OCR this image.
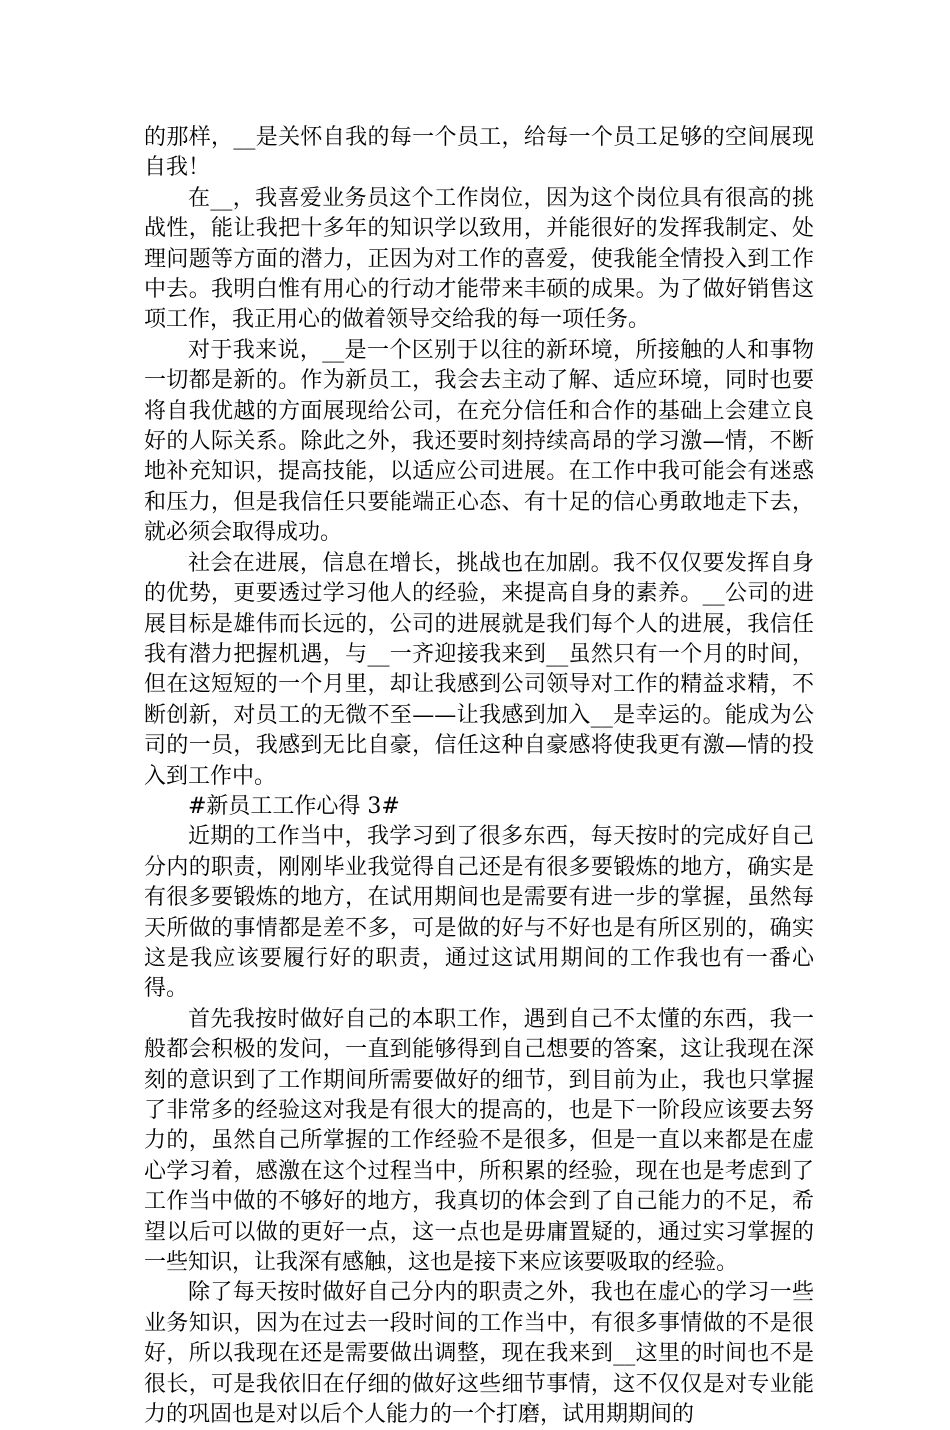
的那样，__是关怀自我的每一个员工，给每一个员工足够的空间展现自我！

在__，我喜爱业务员这个工作岗位，因为这个岗位具有很高的挑战性，能让我把十多年的知识学以致用，并能很好的发挥我制定、处理问题等方面的潜力，正因为对工作的喜爱，使我能全情投入到工作中去。我明白惟有用心的行动才能带来丰硕的成果。为了做好销售这项工作，我正用心的做着领导交给我的每一项任务。

对于我来说，__是一个区别于以往的新环境，所接触的人和事物一切都是新的。作为新员工，我会去主动了解、适应环境，同时也要将自我优越的方面展现给公司，在充分信任和合作的基础上会建立良好的人际关系。除此之外，我还要时刻持续高昂的学习激—情，不断地补充知识，提高技能，以适应公司进展。在工作中我可能会有迷惑和压力，但是我信任只要能端正心态、有十足的信心勇敢地走下去，就必须会取得成功。

社会在进展，信息在增长，挑战也在加剧。我不仅仅要发挥自身的优势，更要透过学习他人的经验，来提高自身的素养。__公司的进展目标是雄伟而长远的，公司的进展就是我们每个人的进展，我信任我有潜力把握机遇，与__一齐迎接我来到__虽然只有一个月的时间，但在这短短的一个月里，却让我感到公司领导对工作的精益求精，不断创新，对员工的无微不至——让我感到加入__是幸运的。能成为公司的一员，我感到无比自豪，信任这种自豪感将使我更有激—情的投入到工作中。

#新员工工作心得 3#

近期的工作当中，我学习到了很多东西，每天按时的完成好自己分内的职责，刚刚毕业我觉得自己还是有很多要锻炼的地方，确实是有很多要锻炼的地方，在试用期间也是需要有进一步的掌握，虽然每天所做的事情都是差不多，可是做的好与不好也是有所区别的，确实这是我应该要履行好的职责，通过这试用期间的工作我也有一番心得。

首先我按时做好自己的本职工作，遇到自己不太懂的东西，我一般都会积极的发问，一直到能够得到自己想要的答案，这让我现在深刻的意识到了工作期间所需要做好的细节，到目前为止，我也只掌握了非常多的经验这对我是有很大的提高的，也是下一阶段应该要去努力的，虽然自己所掌握的工作经验不是很多，但是一直以来都是在虚心学习着，感激在这个过程当中，所积累的经验，现在也是考虑到了工作当中做的不够好的地方，我真切的体会到了自己能力的不足，希望以后可以做的更好一点，这一点也是毋庸置疑的，通过实习掌握的一些知识，让我深有感触，这也是接下来应该要吸取的经验。

除了每天按时做好自己分内的职责之外，我也在虚心的学习一些业务知识，因为在过去一段时间的工作当中，有很多事情做的不是很好，所以我现在还是需要做出调整，现在我来到__这里的时间也不是很长，可是我依旧在仔细的做好这些细节事情，这不仅仅是对专业能力的巩固也是对以后个人能力的一个打磨，试用期期间的
